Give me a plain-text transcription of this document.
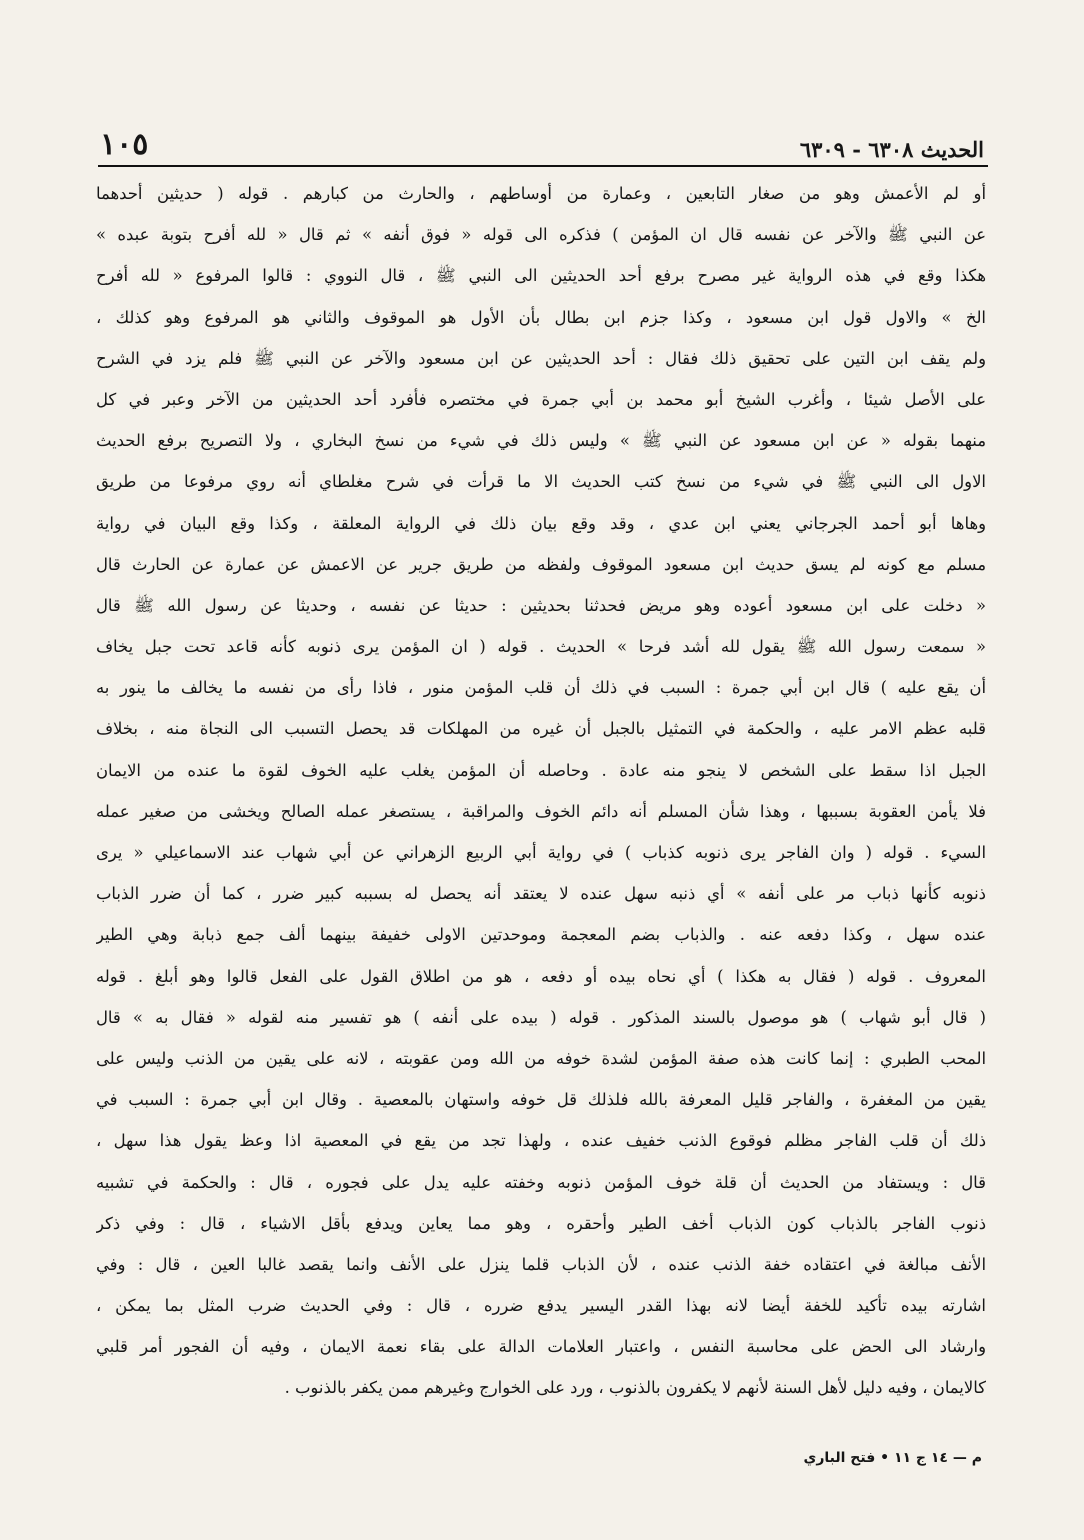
الحديث ٦٣٠٨ - ٦٣٠٩
١٠٥
أو لم الأعمش وهو من صغار التابعين ، وعمارة من أوساطهم ، والحارث من كبارهم . قوله ( حديثين أحدهما
عن النبي ﷺ والآخر عن نفسه قال ان المؤمن ) فذكره الى قوله « فوق أنفه » ثم قال « لله أفرح بتوبة عبده »
هكذا وقع في هذه الرواية غير مصرح برفع أحد الحديثين الى النبي ﷺ ، قال النووي : قالوا المرفوع « لله أفرح
الخ » والاول قول ابن مسعود ، وكذا جزم ابن بطال بأن الأول هو الموقوف والثاني هو المرفوع وهو كذلك ،
ولم يقف ابن التين على تحقيق ذلك فقال : أحد الحديثين عن ابن مسعود والآخر عن النبي ﷺ فلم يزد في الشرح
على الأصل شيئا ، وأغرب الشيخ أبو محمد بن أبي جمرة في مختصره فأفرد أحد الحديثين من الآخر وعبر في كل
منهما بقوله « عن ابن مسعود عن النبي ﷺ » وليس ذلك في شيء من نسخ البخاري ، ولا التصريح برفع الحديث
الاول الى النبي ﷺ في شيء من نسخ كتب الحديث الا ما قرأت في شرح مغلطاي أنه روي مرفوعا من طريق
وهاها أبو أحمد الجرجاني يعني ابن عدي ، وقد وقع بيان ذلك في الرواية المعلقة ، وكذا وقع البيان في رواية
مسلم مع كونه لم يسق حديث ابن مسعود الموقوف ولفظه من طريق جرير عن الاعمش عن عمارة عن الحارث قال
« دخلت على ابن مسعود أعوده وهو مريض فحدثنا بحديثين : حديثا عن نفسه ، وحديثا عن رسول الله ﷺ قال
« سمعت رسول الله ﷺ يقول لله أشد فرحا » الحديث . قوله ( ان المؤمن يرى ذنوبه كأنه قاعد تحت جبل يخاف
أن يقع عليه ) قال ابن أبي جمرة : السبب في ذلك أن قلب المؤمن منور ، فاذا رأى من نفسه ما يخالف ما ينور به
قلبه عظم الامر عليه ، والحكمة في التمثيل بالجبل أن غيره من المهلكات قد يحصل التسبب الى النجاة منه ، بخلاف
الجبل اذا سقط على الشخص لا ينجو منه عادة . وحاصله أن المؤمن يغلب عليه الخوف لقوة ما عنده من الايمان
فلا يأمن العقوبة بسببها ، وهذا شأن المسلم أنه دائم الخوف والمراقبة ، يستصغر عمله الصالح ويخشى من صغير عمله
السيء . قوله ( وان الفاجر يرى ذنوبه كذباب ) في رواية أبي الربيع الزهراني عن أبي شهاب عند الاسماعيلي « يرى
ذنوبه كأنها ذباب مر على أنفه » أي ذنبه سهل عنده لا يعتقد أنه يحصل له بسببه كبير ضرر ، كما أن ضرر الذباب
عنده سهل ، وكذا دفعه عنه . والذباب بضم المعجمة وموحدتين الاولى خفيفة بينهما ألف جمع ذبابة وهي الطير
المعروف . قوله ( فقال به هكذا ) أي نحاه بيده أو دفعه ، هو من اطلاق القول على الفعل قالوا وهو أبلغ . قوله
( قال أبو شهاب ) هو موصول بالسند المذكور . قوله ( بيده على أنفه ) هو تفسير منه لقوله « فقال به » قال
المحب الطبري : إنما كانت هذه صفة المؤمن لشدة خوفه من الله ومن عقوبته ، لانه على يقين من الذنب وليس على
يقين من المغفرة ، والفاجر قليل المعرفة بالله فلذلك قل خوفه واستهان بالمعصية . وقال ابن أبي جمرة : السبب في
ذلك أن قلب الفاجر مظلم فوقوع الذنب خفيف عنده ، ولهذا تجد من يقع في المعصية اذا وعظ يقول هذا سهل ،
قال : ويستفاد من الحديث أن قلة خوف المؤمن ذنوبه وخفته عليه يدل على فجوره ، قال : والحكمة في تشبيه
ذنوب الفاجر بالذباب كون الذباب أخف الطير وأحقره ، وهو مما يعاين ويدفع بأقل الاشياء ، قال : وفي ذكر
الأنف مبالغة في اعتقاده خفة الذنب عنده ، لأن الذباب قلما ينزل على الأنف وانما يقصد غالبا العين ، قال : وفي
اشارته بيده تأكيد للخفة أيضا لانه بهذا القدر اليسير يدفع ضرره ، قال : وفي الحديث ضرب المثل بما يمكن ،
وارشاد الى الحض على محاسبة النفس ، واعتبار العلامات الدالة على بقاء نعمة الايمان ، وفيه أن الفجور أمر قلبي
كالايمان ، وفيه دليل لأهل السنة لأنهم لا يكفرون بالذنوب ، ورد على الخوارج وغيرهم ممن يكفر بالذنوب .
م — ١٤ ج ١١ • فتح الباري
